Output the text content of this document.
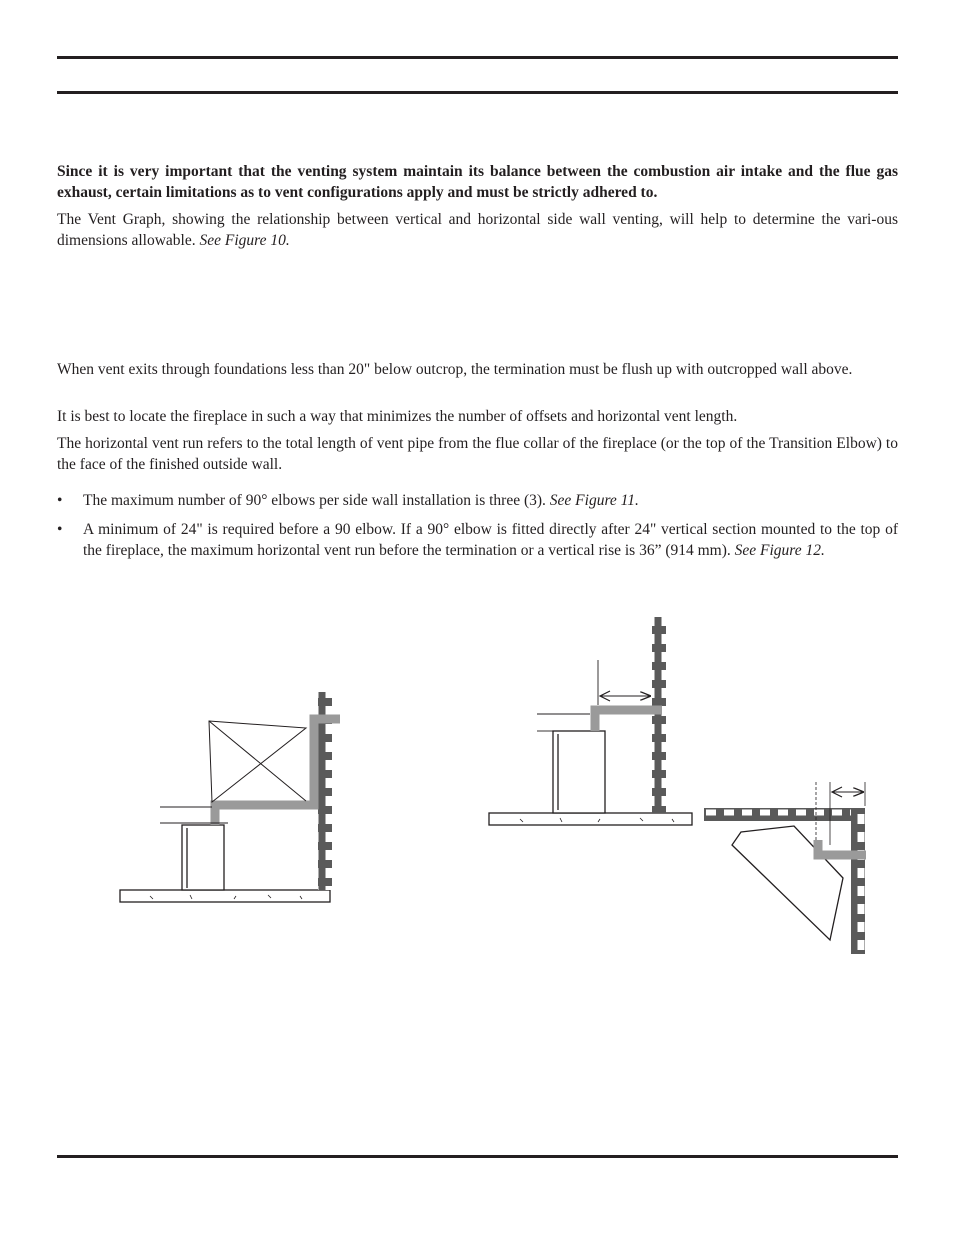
Since it is very important that the venting system maintain its balance between the combustion air intake and the flue gas exhaust, certain limitations as to vent configurations apply and must be strictly adhered to.

The Vent Graph, showing the relationship between vertical and horizontal side wall venting, will help to determine the vari-ous dimensions allowable. See Figure 10.

When vent exits through foundations less than 20" below outcrop, the termination must be flush up with outcropped wall above.

It is best to locate the fireplace in such a way that minimizes the number of offsets and horizontal vent length.

The horizontal vent run refers to the total length of vent pipe from the flue collar of the fireplace (or the top of the Transition Elbow) to the face of the finished outside wall.

• The maximum number of 90° elbows per side wall installation is three (3). See Figure 11.
• A minimum of 24" is required before a 90 elbow. If a 90° elbow is fitted directly after 24" vertical section mounted to the top of the fireplace, the maximum horizontal vent run before the termination or a vertical rise is 36” (914 mm). See Figure 12.
